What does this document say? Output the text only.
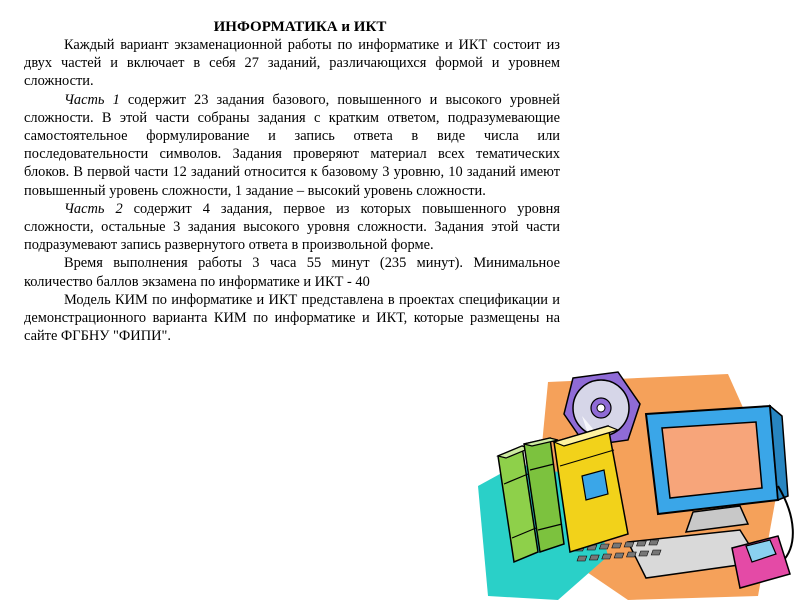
ИНФОРМАТИКА и ИКТ

Каждый вариант экзаменационной работы по информатике и ИКТ состоит из двух частей и включает в себя 27 заданий, различающихся формой и уровнем сложности.

Часть 1 содержит 23 задания базового, повышенного и высокого уровней сложности. В этой части собраны задания с кратким ответом, подразумевающие самостоятельное формулирование и запись ответа в виде числа или последовательности символов. Задания проверяют материал всех тематических блоков. В первой части 12 заданий относится к базовому 3 уровню, 10 заданий имеют повышенный уровень сложности, 1 задание – высокий уровень сложности.

Часть 2 содержит 4 задания, первое из которых повышенного уровня сложности, остальные 3 задания высокого уровня сложности. Задания этой части подразумевают запись развернутого ответа в произвольной форме.

Время выполнения работы 3 часа 55 минут (235 минут). Минимальное количество баллов экзамена по информатике и ИКТ - 40

Модель КИМ по информатике и ИКТ представлена в проектах спецификации и демонстрационного варианта КИМ по информатике и ИКТ, которые размещены на сайте ФГБНУ "ФИПИ".
